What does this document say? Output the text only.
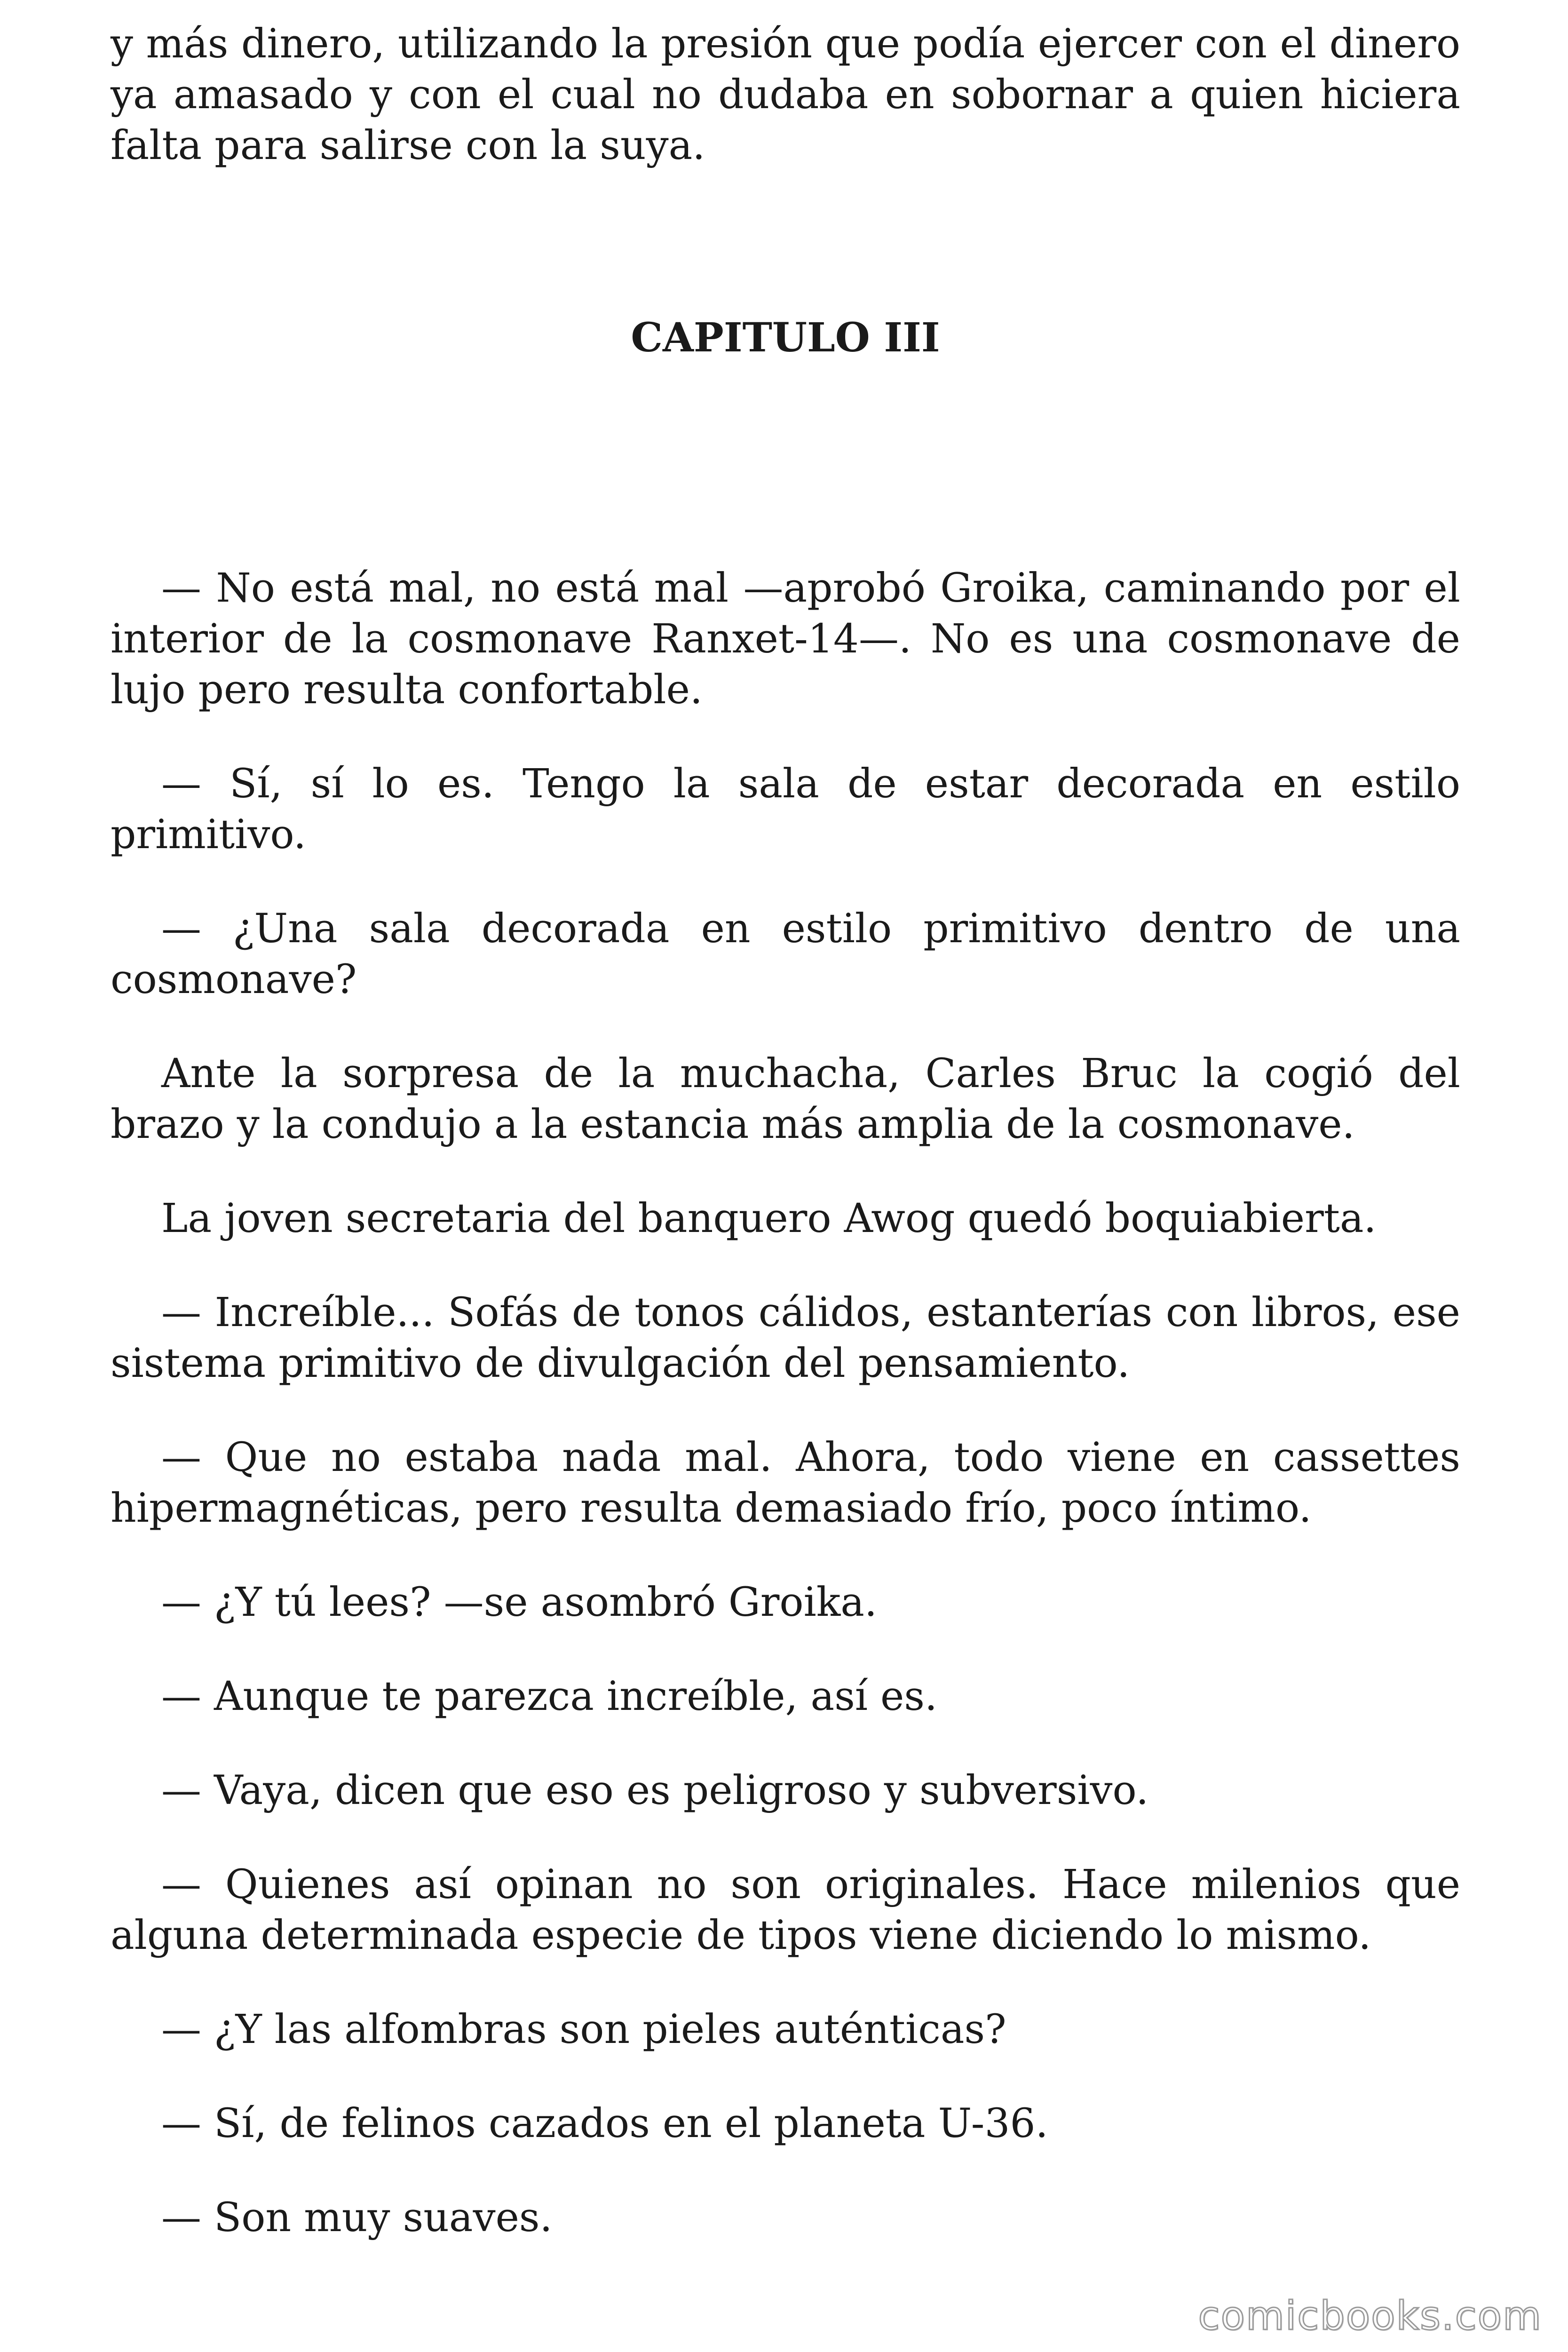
y más dinero, utilizando la presión que podía ejercer con el dinero ya amasado y con el cual no dudaba en sobornar a quien hiciera falta para salirse con la suya.

CAPITULO III

— No está mal, no está mal —aprobó Groika, caminando por el interior de la cosmonave Ranxet-14—. No es una cosmonave de lujo pero resulta confortable.

— Sí, sí lo es. Tengo la sala de estar decorada en estilo primitivo.

— ¿Una sala decorada en estilo primitivo dentro de una cosmonave?

Ante la sorpresa de la muchacha, Carles Bruc la cogió del brazo y la condujo a la estancia más amplia de la cosmonave.

La joven secretaria del banquero Awog quedó boquiabierta.

— Increíble... Sofás de tonos cálidos, estanterías con libros, ese sistema primitivo de divulgación del pensamiento.

— Que no estaba nada mal. Ahora, todo viene en cassettes hipermagnéticas, pero resulta demasiado frío, poco íntimo.

— ¿Y tú lees? —se asombró Groika.

— Aunque te parezca increíble, así es.

— Vaya, dicen que eso es peligroso y subversivo.

— Quienes así opinan no son originales. Hace milenios que alguna determinada especie de tipos viene diciendo lo mismo.

— ¿Y las alfombras son pieles auténticas?

— Sí, de felinos cazados en el planeta U-36.

— Son muy suaves.

comicbooks.com
